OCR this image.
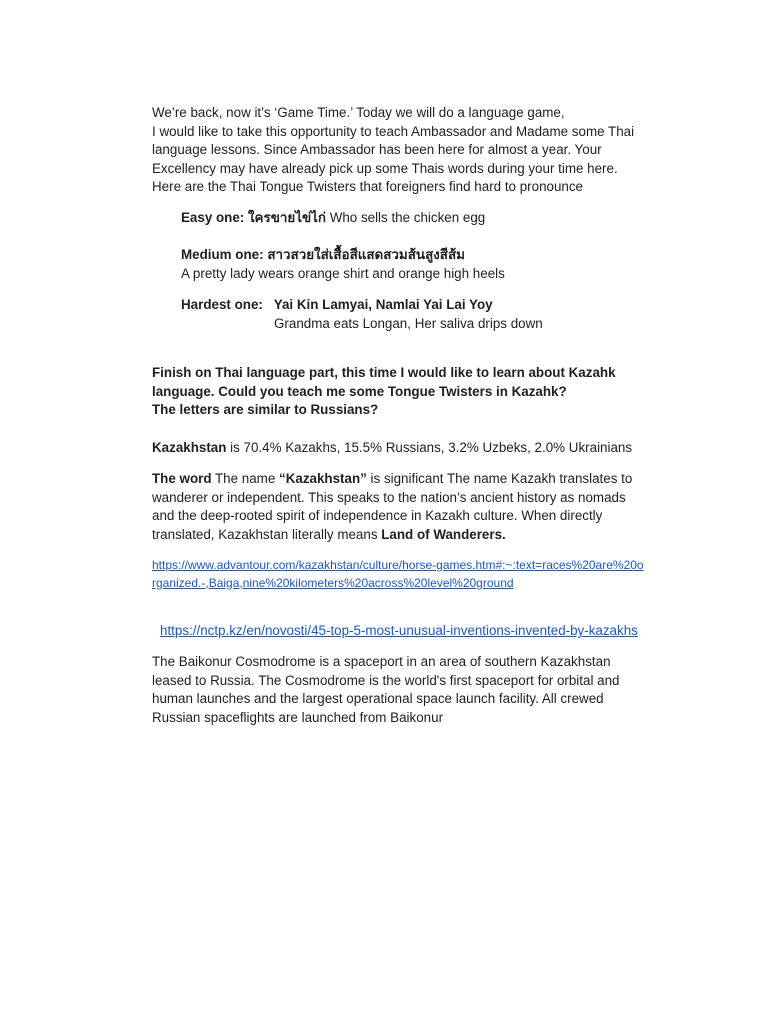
We’re back, now it’s ‘Game Time.’ Today we will do a language game,
I would like to take this opportunity to teach Ambassador and Madame some Thai
language lessons. Since Ambassador has been here for almost a year. Your
Excellency may have already pick up some Thais words during your time here.
Here are the Thai Tongue Twisters that foreigners find hard to pronounce
Easy one: ใครขายไข่ไก่ Who sells the chicken egg
Medium one: สาวสวยใส่เสื้อสีแสดสวมส้นสูงสีส้ม
A pretty lady wears orange shirt and orange high heels
Hardest one: Yai Kin Lamyai, Namlai Yai Lai Yoy
Grandma eats Longan, Her saliva drips down
Finish on Thai language part, this time I would like to learn about Kazahk
language. Could you teach me some Tongue Twisters in Kazahk?
The letters are similar to Russians?
Kazakhstan is 70.4% Kazakhs, 15.5% Russians, 3.2% Uzbeks, 2.0% Ukrainians
The word The name “Kazakhstan” is significant The name Kazakh translates to
wanderer or independent. This speaks to the nation’s ancient history as nomads
and the deep-rooted spirit of independence in Kazakh culture. When directly
translated, Kazakhstan literally means Land of Wanderers.
https://www.advantour.com/kazakhstan/culture/horse-games.htm#:~:text=races%20are%20o
rganized.-,Baiga,nine%20kilometers%20across%20level%20ground
https://nctp.kz/en/novosti/45-top-5-most-unusual-inventions-invented-by-kazakhs
The Baikonur Cosmodrome is a spaceport in an area of southern Kazakhstan
leased to Russia. The Cosmodrome is the world's first spaceport for orbital and
human launches and the largest operational space launch facility. All crewed
Russian spaceflights are launched from Baikonur
